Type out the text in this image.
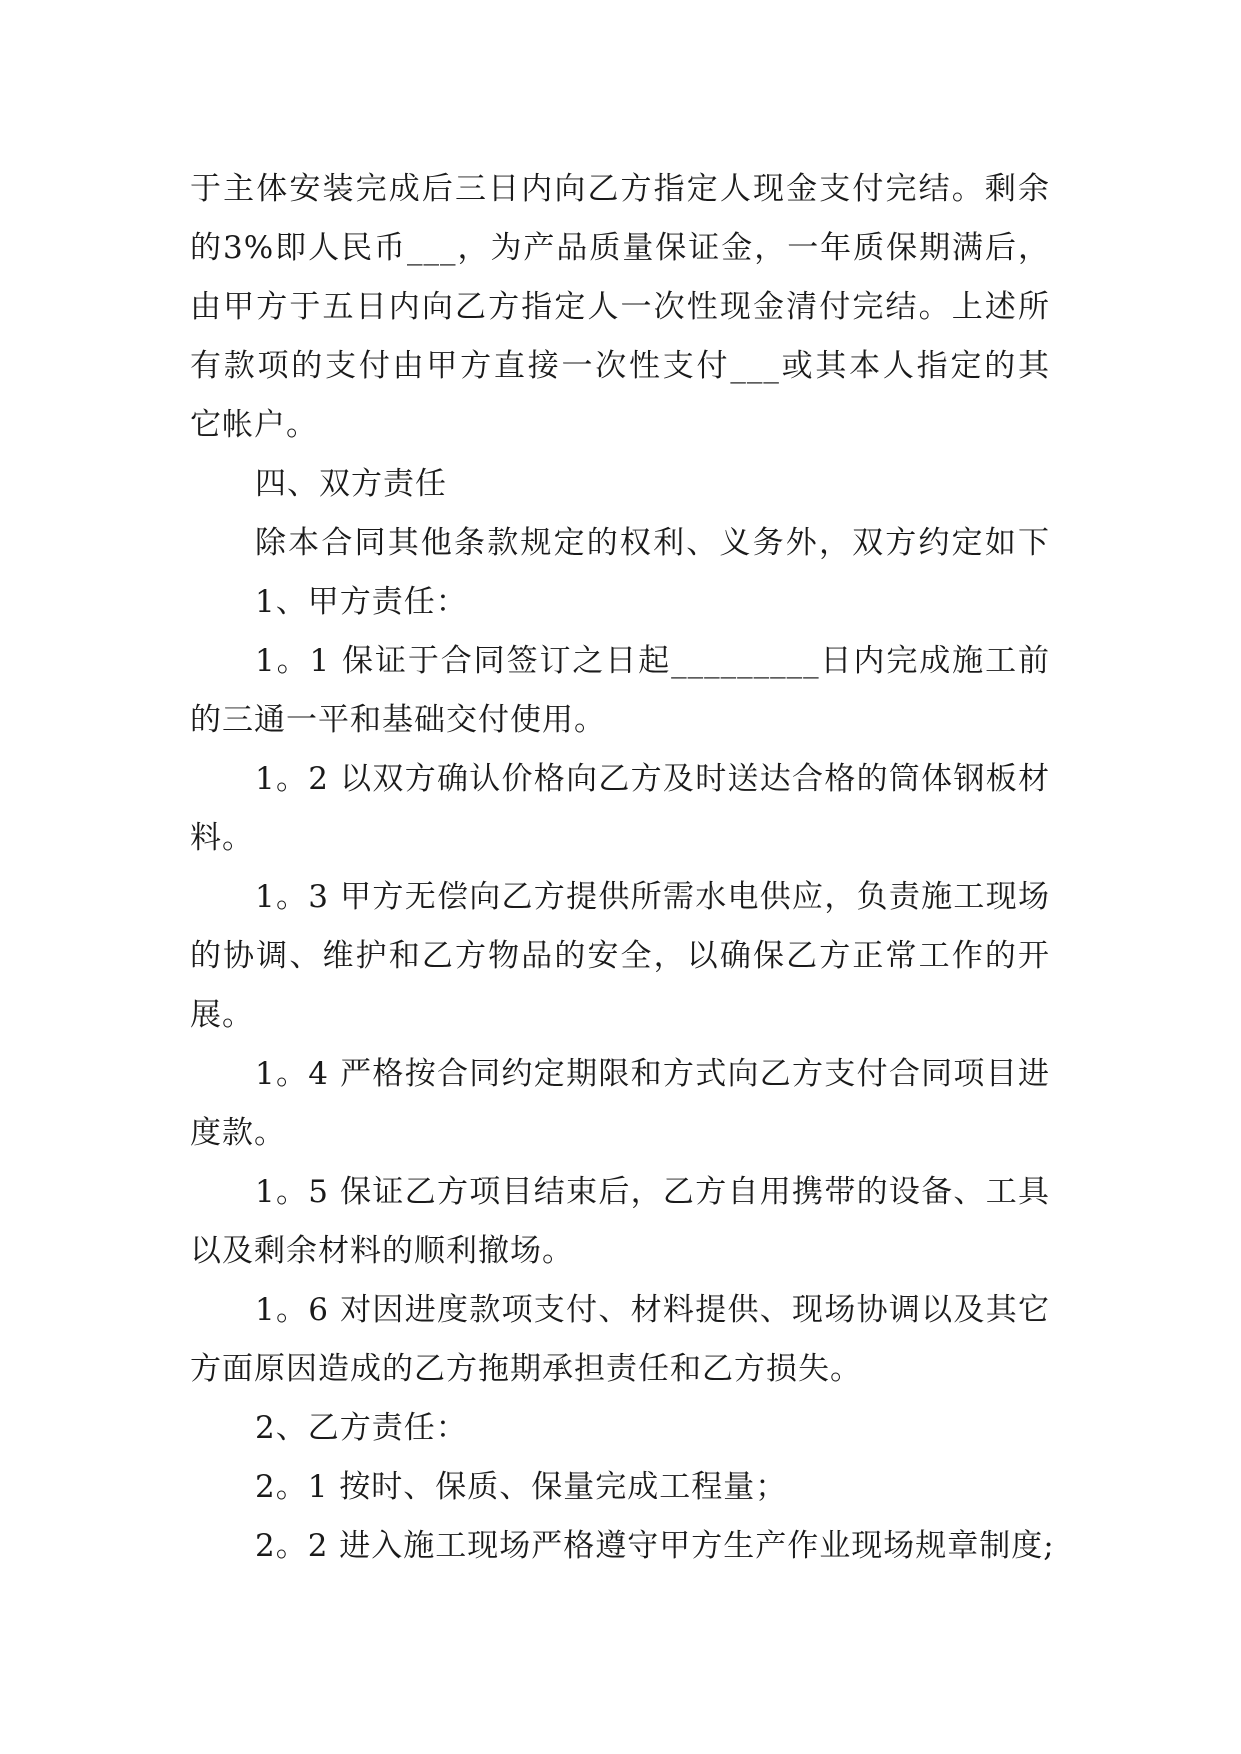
于主体安装完成后三日内向乙方指定人现金支付完结。剩余
的3%即人民币___，为产品质量保证金，一年质保期满后，
由甲方于五日内向乙方指定人一次性现金清付完结。上述所
有款项的支付由甲方直接一次性支付___或其本人指定的其
它帐户。
四、双方责任
除本合同其他条款规定的权利、义务外，双方约定如下
1、甲方责任：
1。1 保证于合同签订之日起_________日内完成施工前
的三通一平和基础交付使用。
1。2 以双方确认价格向乙方及时送达合格的筒体钢板材
料。
1。3 甲方无偿向乙方提供所需水电供应，负责施工现场
的协调、维护和乙方物品的安全，以确保乙方正常工作的开
展。
1。4 严格按合同约定期限和方式向乙方支付合同项目进
度款。
1。5 保证乙方项目结束后，乙方自用携带的设备、工具
以及剩余材料的顺利撤场。
1。6 对因进度款项支付、材料提供、现场协调以及其它
方面原因造成的乙方拖期承担责任和乙方损失。
2、乙方责任：
2。1 按时、保质、保量完成工程量；
2。2 进入施工现场严格遵守甲方生产作业现场规章制度;
